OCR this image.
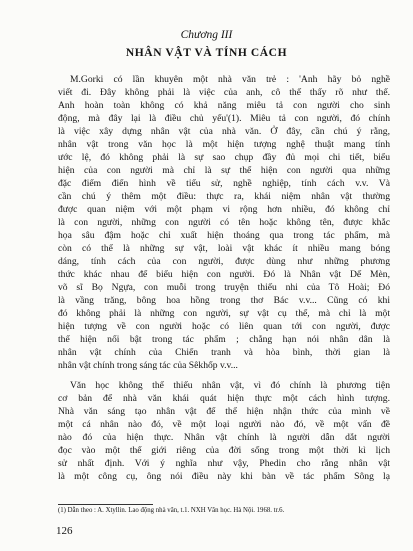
Chương III
NHÂN VẬT VÀ TÍNH CÁCH
M.Gorki có lần khuyên một nhà văn trẻ : 'Anh hãy bỏ nghề
viết đi. Đây không phải là việc của anh, cô thế thấy rõ như thế.
Anh hoàn toàn không có khả năng miêu tả con người cho sinh
động, mà đây lại là điều chủ yếu'(1). Miêu tả con người, đó chính
là việc xây dựng nhân vật của nhà văn. Ở đây, cần chú ý rằng,
nhân vật trong văn học là một hiện tượng nghệ thuật mang tính
ước lệ, đó không phải là sự sao chụp đầy đủ mọi chi tiết, biểu
hiện của con người mà chỉ là sự thể hiện con người qua những
đặc điểm điển hình về tiểu sử, nghề nghiệp, tính cách v.v. Và
cần chú ý thêm một điều: thực ra, khái niệm nhân vật thường
được quan niệm với một phạm vi rộng hơn nhiều, đó không chỉ
là con người, những con người có tên hoặc không tên, được khắc
họa sâu đậm hoặc chỉ xuất hiện thoáng qua trong tác phẩm, mà
còn có thể là những sự vật, loài vật khác ít nhiều mang bóng
dáng, tính cách của con người, được dùng như những phương
thức khác nhau để biểu hiện con người. Đó là Nhân vật Dế Mèn,
võ sĩ Bọ Ngựa, con muỗi trong truyện thiếu nhi của Tô Hoài; Đó
là vầng trăng, bông hoa hồng trong thơ Bác v.v... Cũng có khi
đó không phải là những con người, sự vật cụ thể, mà chỉ là một
hiện tượng về con người hoặc có liên quan tới con người, được
thể hiện nổi bật trong tác phẩm ; chẳng hạn nói nhân dân là
nhân vật chính của Chiến tranh và hòa bình, thời gian là
nhân vật chính trong sáng tác của Sêkhốp v.v...
Văn học không thể thiếu nhân vật, vì đó chính là phương tiện
cơ bản để nhà văn khái quát hiện thực một cách hình tượng.
Nhà văn sáng tạo nhân vật để thể hiện nhận thức của mình về
một cá nhân nào đó, về một loại người nào đó, về một vấn đề
nào đó của hiện thực. Nhân vật chính là người dẫn dắt người
đọc vào một thế giới riêng của đời sống trong một thời kì lịch
sử nhất định. Với ý nghĩa như vậy, Phedin cho rằng nhân vật
là một công cụ, ông nói điều này khi bàn về tác phẩm Sông lạ
(1) Dẫn theo : A. Xtyllin. Lao động nhà văn, t.1. NXH Văn học. Hà Nội. 1968. tr.6.
126
